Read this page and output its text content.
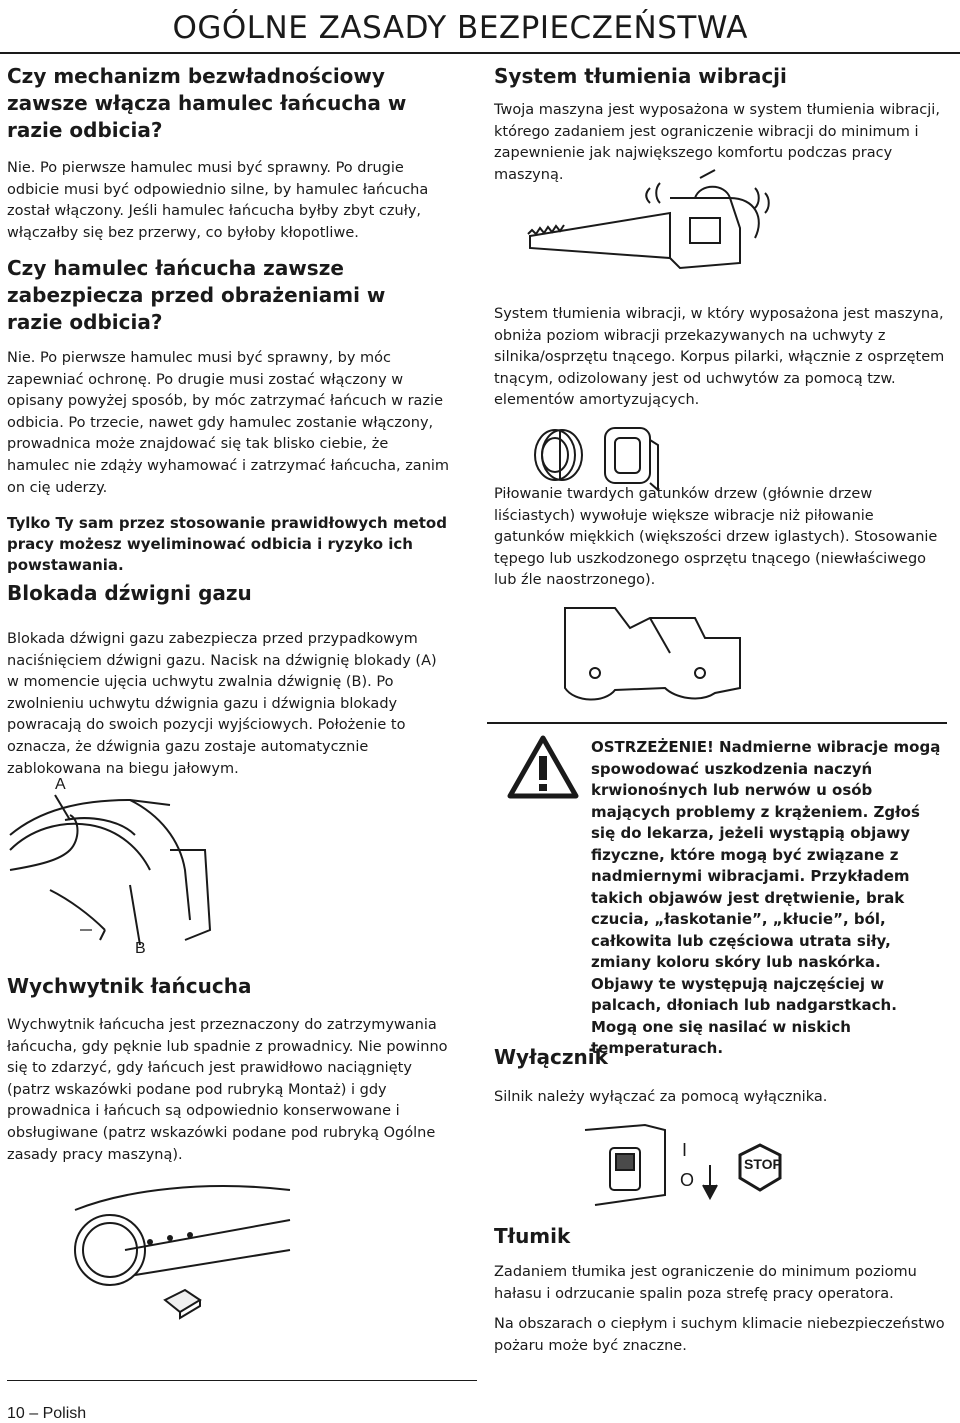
OGÓLNE ZASADY BEZPIECZEŃSTWA
Czy mechanizm bezwładnościowy zawsze włącza hamulec łańcucha w razie odbicia?

Nie. Po pierwsze hamulec musi być sprawny. Po drugie odbicie musi być odpowiednio silne, by hamulec łańcucha został włączony. Jeśli hamulec łańcucha byłby zbyt czuły, włączałby się bez przerwy, co byłoby kłopotliwe.

Czy hamulec łańcucha zawsze zabezpiecza przed obrażeniami w razie odbicia?

Nie. Po pierwsze hamulec musi być sprawny, by móc zapewniać ochronę. Po drugie musi zostać włączony w opisany powyżej sposób, by móc zatrzymać łańcuch w razie odbicia. Po trzecie, nawet gdy hamulec zostanie włączony, prowadnica może znajdować się tak blisko ciebie, że hamulec nie zdąży wyhamować i zatrzymać łańcucha, zanim on cię uderzy.

Tylko Ty sam przez stosowanie prawidłowych metod pracy możesz wyeliminować odbicia i ryzyko ich powstawania.

Blokada dźwigni gazu

Blokada dźwigni gazu zabezpiecza przed przypadkowym naciśnięciem dźwigni gazu. Nacisk na dźwignię blokady (A) w momencie ujęcia uchwytu zwalnia dźwignię (B). Po zwolnieniu uchwytu dźwignia gazu i dźwignia blokady powracają do swoich pozycji wyjściowych. Położenie to oznacza, że dźwignia gazu zostaje automatycznie zablokowana na biegu jałowym.

A
B
Wychwytnik łańcucha

Wychwytnik łańcucha jest przeznaczony do zatrzymywania łańcucha, gdy pęknie lub spadnie z prowadnicy. Nie powinno się to zdarzyć, gdy łańcuch jest prawidłowo naciągnięty (patrz wskazówki podane pod rubryką Montaż) i gdy prowadnica i łańcuch są odpowiednio konserwowane i obsługiwane (patrz wskazówki podane pod rubryką Ogólne zasady pracy maszyną).

10 – Polish
System tłumienia wibracji

Twoja maszyna jest wyposażona w system tłumienia wibracji, którego zadaniem jest ograniczenie wibracji do minimum i zapewnienie jak największego komfortu podczas pracy maszyną.

System tłumienia wibracji, w który wyposażona jest maszyna, obniża poziom wibracji przekazywanych na uchwyty z silnika/osprzętu tnącego. Korpus pilarki, włącznie z osprzętem tnącym, odizolowany jest od uchwytów za pomocą tzw. elementów amortyzujących.

Piłowanie twardych gatunków drzew (głównie drzew liściastych) wywołuje większe wibracje niż piłowanie gatunków miękkich (większości drzew iglastych). Stosowanie tępego lub uszkodzonego osprzętu tnącego (niewłaściwego lub źle naostrzonego).

OSTRZEŻENIE! Nadmierne wibracje mogą spowodować uszkodzenia naczyń krwionośnych lub nerwów u osób mających problemy z krążeniem. Zgłoś się do lekarza, jeżeli wystąpią objawy fizyczne, które mogą być związane z nadmiernymi wibracjami. Przykładem takich objawów jest drętwienie, brak czucia, „łaskotanie”, „kłucie”, ból, całkowita lub częściowa utrata siły, zmiany koloru skóry lub naskórka. Objawy te występują najczęściej w palcach, dłoniach lub nadgarstkach. Mogą one się nasilać w niskich temperaturach.
Wyłącznik

Silnik należy wyłączać za pomocą wyłącznika.

I
O
STOP
Tłumik

Zadaniem tłumika jest ograniczenie do minimum poziomu hałasu i odrzucanie spalin poza strefę pracy operatora.

Na obszarach o ciepłym i suchym klimacie niebezpieczeństwo pożaru może być znaczne.
